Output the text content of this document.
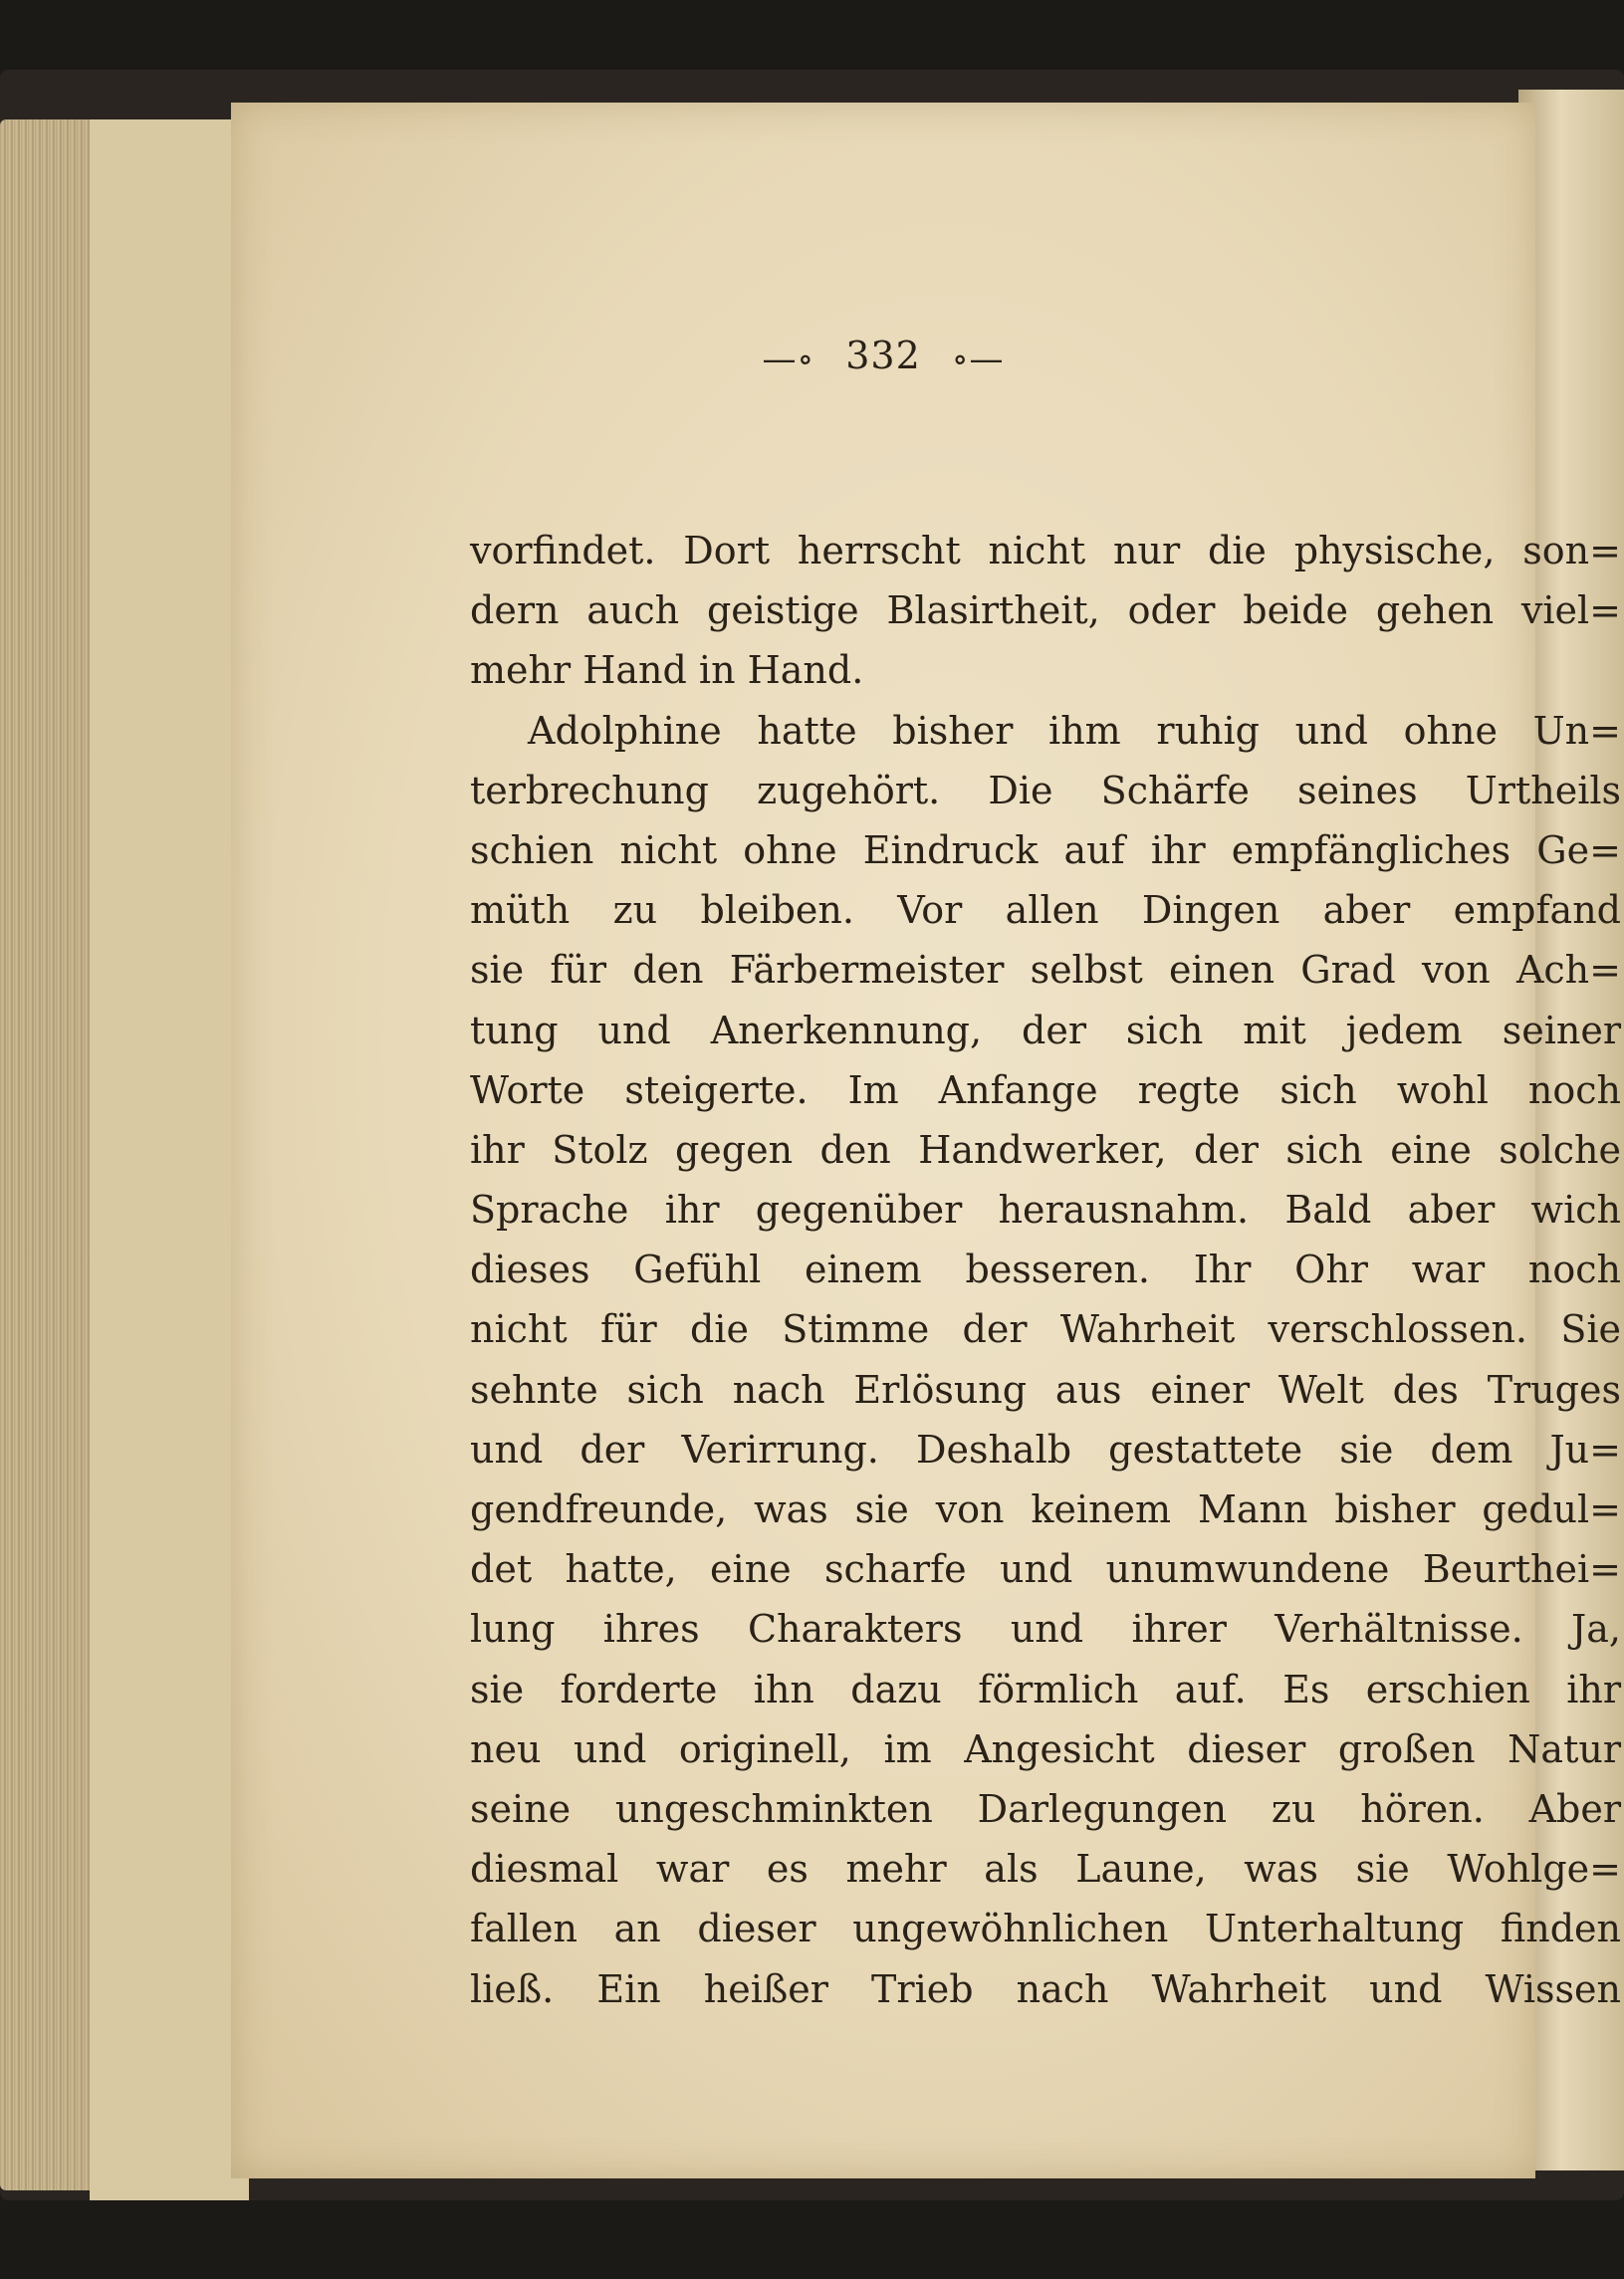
—∘ 332 ∘—
vorfindet. Dort herrscht nicht nur die physische, son=
dern auch geistige Blasirtheit, oder beide gehen viel=
mehr Hand in Hand.
Adolphine hatte bisher ihm ruhig und ohne Un=
terbrechung zugehört. Die Schärfe seines Urtheils
schien nicht ohne Eindruck auf ihr empfängliches Ge=
müth zu bleiben. Vor allen Dingen aber empfand
sie für den Färbermeister selbst einen Grad von Ach=
tung und Anerkennung, der sich mit jedem seiner
Worte steigerte. Im Anfange regte sich wohl noch
ihr Stolz gegen den Handwerker, der sich eine solche
Sprache ihr gegenüber herausnahm. Bald aber wich
dieses Gefühl einem besseren. Ihr Ohr war noch
nicht für die Stimme der Wahrheit verschlossen. Sie
sehnte sich nach Erlösung aus einer Welt des Truges
und der Verirrung. Deshalb gestattete sie dem Ju=
gendfreunde, was sie von keinem Mann bisher gedul=
det hatte, eine scharfe und unumwundene Beurthei=
lung ihres Charakters und ihrer Verhältnisse. Ja,
sie forderte ihn dazu förmlich auf. Es erschien ihr
neu und originell, im Angesicht dieser großen Natur
seine ungeschminkten Darlegungen zu hören. Aber
diesmal war es mehr als Laune, was sie Wohlge=
fallen an dieser ungewöhnlichen Unterhaltung finden
ließ. Ein heißer Trieb nach Wahrheit und Wissen
